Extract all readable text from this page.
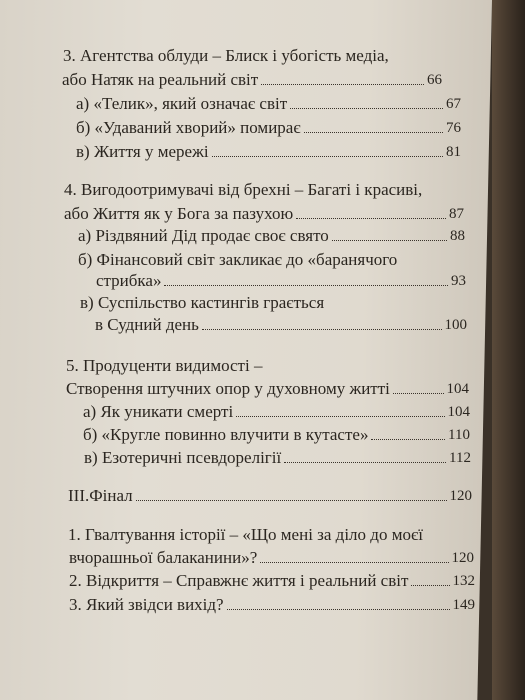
3. Агентства облуди – Блиск і убогість медіа,
або Натяк на реальний світ	66
а) «Телик», який означає світ	67
б) «Удаваний хворий» помирає	76
в) Життя у мережі	81
4. Вигодоотримувачі від брехні – Багаті і красиві,
або Життя як у Бога за пазухою	87
а) Різдвяний Дід продає своє свято	88
б) Фінансовий світ закликає до «баранячого
стрибка»	93
в) Суспільство кастингів грається
в Судний день	100
5. Продуценти видимості –
Створення штучних опор у духовному житті	104
а) Як уникати смерті	104
б) «Кругле повинно влучити в кутасте»	110
в) Езотеричні псевдорелігії	112
ІІІ.Фінал	120
1. Гвалтування історії – «Що мені за діло до моєї
вчорашньої балаканини»?	120
2. Відкриття – Справжнє життя і реальний світ	132
3. Який звідси вихід?	149
